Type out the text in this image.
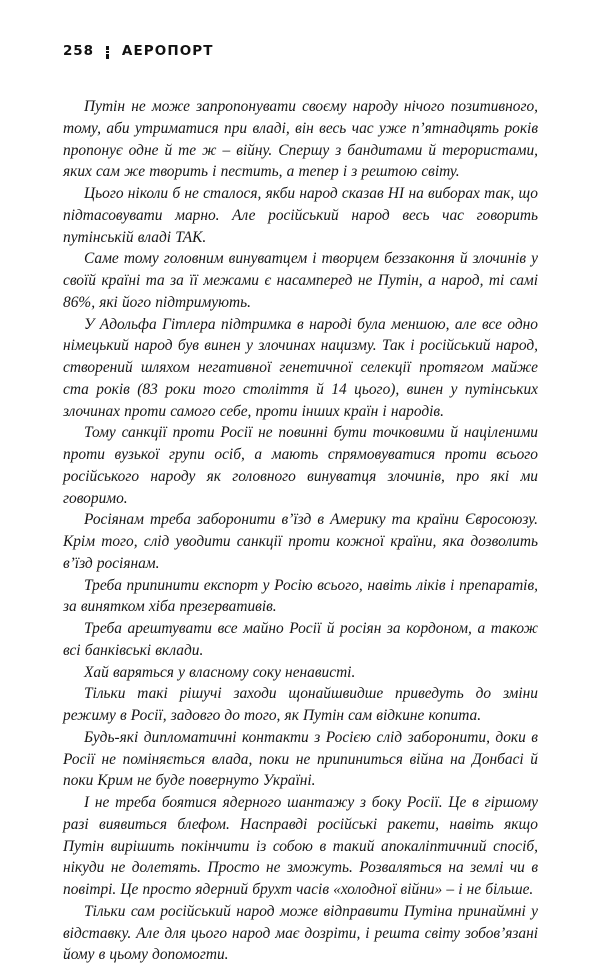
258 АЕРОПОРТ

Путін не може запропонувати своєму народу нічого позитивного, тому, аби утриматися при владі, він весь час уже п’ятнадцять років пропонує одне й те ж – війну. Спершу з бандитами й терористами, яких сам же творить і пестить, а тепер і з рештою світу.

Цього ніколи б не сталося, якби народ сказав НІ на виборах так, що підтасовувати марно. Але російський народ весь час говорить путінській владі ТАК.

Саме тому головним винуватцем і творцем беззаконня й злочинів у своїй країні та за її межами є насамперед не Путін, а народ, ті самі 86%, які його підтримують.

У Адольфа Гітлера підтримка в народі була меншою, але все одно німецький народ був винен у злочинах нацизму. Так і російський народ, створений шляхом негативної генетичної селекції протягом майже ста років (83 роки того століття й 14 цього), винен у путінських злочинах проти самого себе, проти інших країн і народів.

Тому санкції проти Росії не повинні бути точковими й націленими проти вузької групи осіб, а мають спрямовуватися проти всього російського народу як головного винуватця злочинів, про які ми говоримо.

Росіянам треба заборонити в’їзд в Америку та країни Євросоюзу. Крім того, слід уводити санкції проти кожної країни, яка дозволить в’їзд росіянам.

Треба припинити експорт у Росію всього, навіть ліків і препаратів, за винятком хіба презервативів.

Треба арештувати все майно Росії й росіян за кордоном, а також всі банківські вклади.

Хай варяться у власному соку ненависті.

Тільки такі рішучі заходи щонайшвидше приведуть до зміни режиму в Росії, задовго до того, як Путін сам відкине копита.

Будь-які дипломатичні контакти з Росією слід заборонити, доки в Росії не поміняється влада, поки не припиниться війна на Донбасі й поки Крим не буде повернуто Україні.

І не треба боятися ядерного шантажу з боку Росії. Це в гіршому разі виявиться блефом. Насправді російські ракети, навіть якщо Путін вирішить покінчити із собою в такий апокаліптичний спосіб, нікуди не долетять. Просто не зможуть. Розваляться на землі чи в повітрі. Це просто ядерний брухт часів «холодної війни» – і не більше.

Тільки сам російський народ може відправити Путіна принаймні у відставку. Але для цього народ має дозріти, і решта світу зобов’язані йому в цьому допомогти.
